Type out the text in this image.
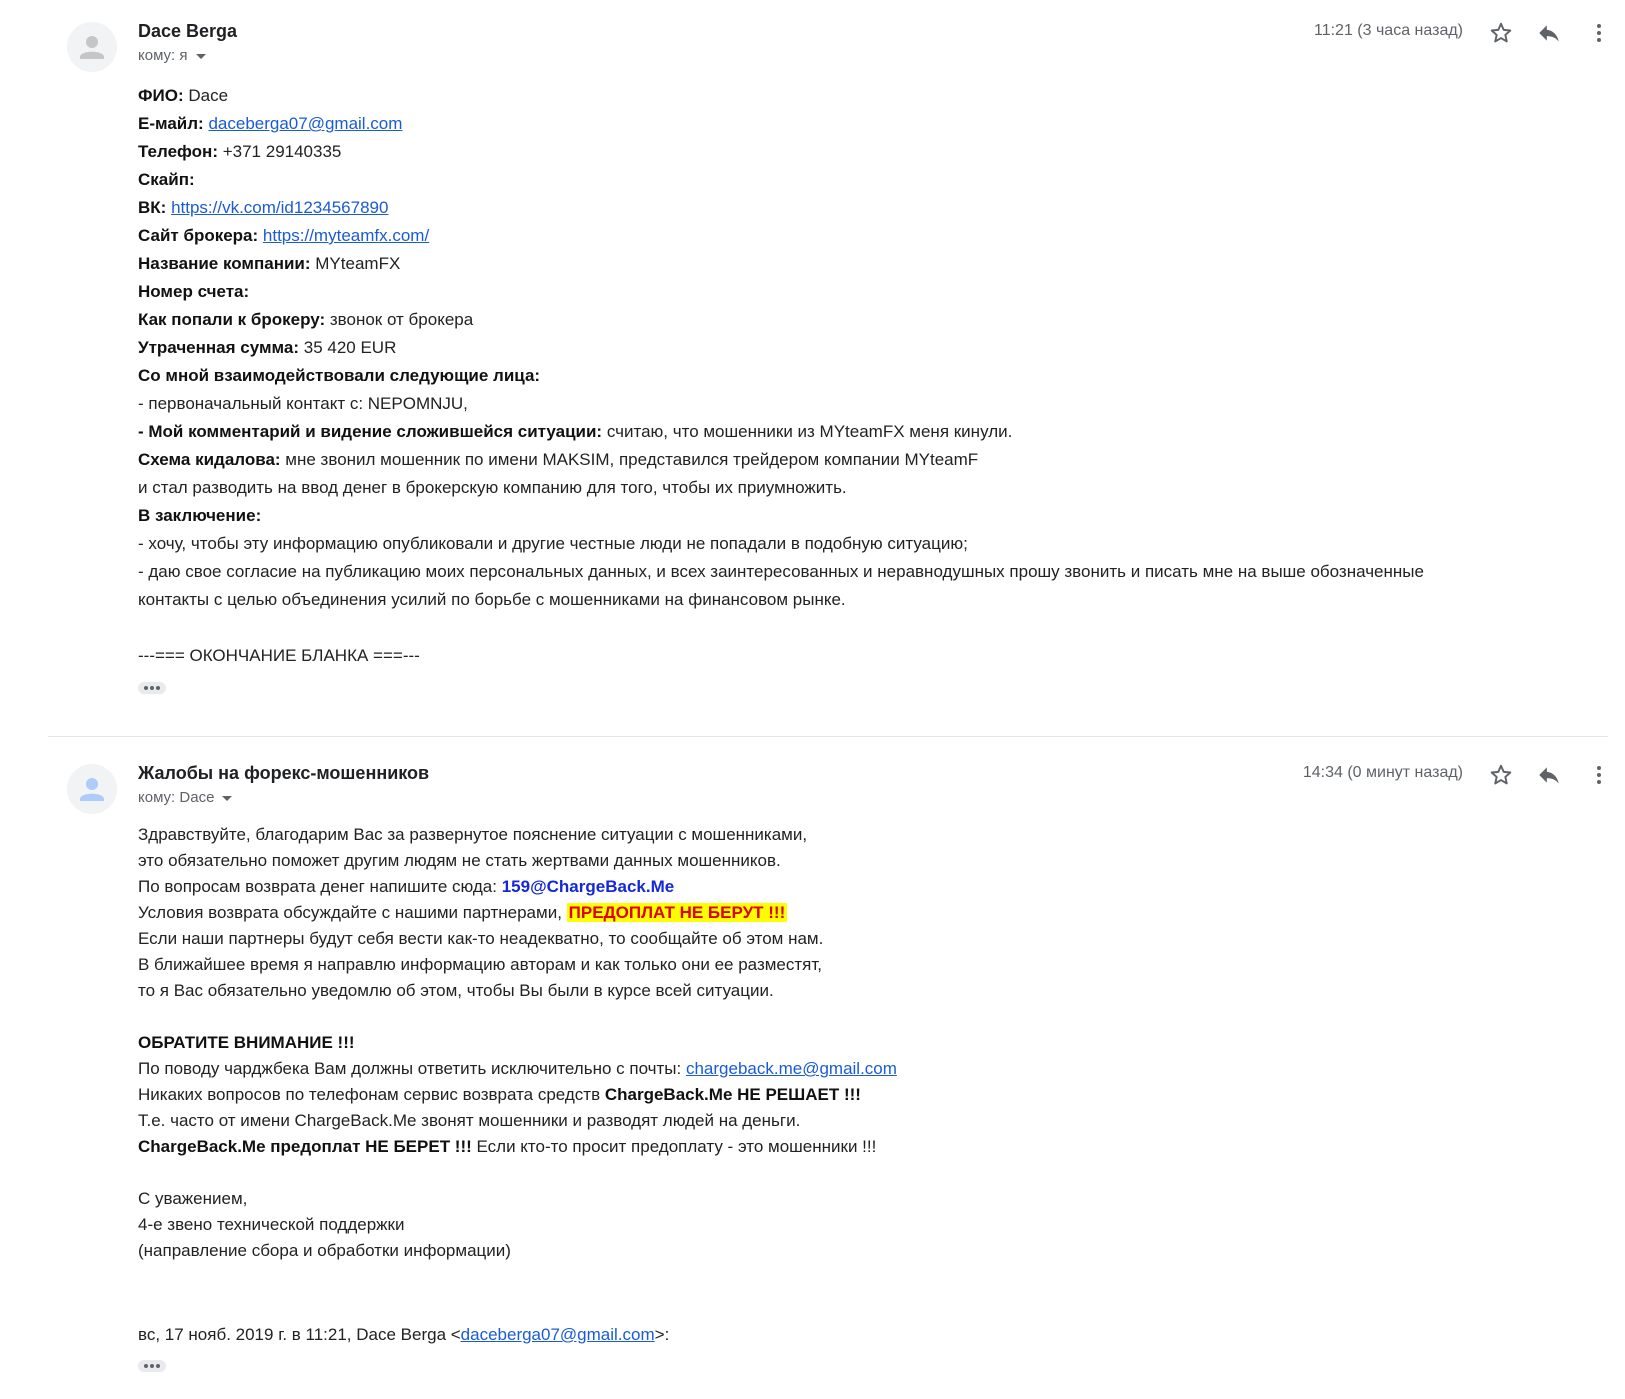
Dace Berga
кому: я
11:21 (3 часа назад)
ФИО: Dace
Е-майл: daceberga07@gmail.com
Телефон: +371 29140335
Скайп:
ВК: https://vk.com/id1234567890
Сайт брокера: https://myteamfx.com/
Название компании: MYteamFX
Номер счета:
Как попали к брокеру: звонок от брокера
Утраченная сумма: 35 420 EUR
Со мной взаимодействовали следующие лица:
- первоначальный контакт с: NEPOMNJU,
- Мой комментарий и видение сложившейся ситуации: считаю, что мошенники из MYteamFX меня кинули.
Схема кидалова: мне звонил мошенник по имени MAKSIM, представился трейдером компании MYteamF
и стал разводить на ввод денег в брокерскую компанию для того, чтобы их приумножить.
В заключение:
- хочу, чтобы эту информацию опубликовали и другие честные люди не попадали в подобную ситуацию;
- даю свое согласие на публикацию моих персональных данных, и всех заинтересованных и неравнодушных прошу звонить и писать мне на выше обозначенные
контакты с целью объединения усилий по борьбе с мошенниками на финансовом рынке.
---=== ОКОНЧАНИЕ БЛАНКА ===---
Жалобы на форекс-мошенников
кому: Dace
14:34 (0 минут назад)
Здравствуйте, благодарим Вас за развернутое пояснение ситуации с мошенниками,
это обязательно поможет другим людям не стать жертвами данных мошенников.
По вопросам возврата денег напишите сюда: 159@ChargeBack.Me
Условия возврата обсуждайте с нашими партнерами, ПРЕДОПЛАТ НЕ БЕРУТ !!!
Если наши партнеры будут себя вести как-то неадекватно, то сообщайте об этом нам.
В ближайшее время я направлю информацию авторам и как только они ее разместят,
то я Вас обязательно уведомлю об этом, чтобы Вы были в курсе всей ситуации.
ОБРАТИТЕ ВНИМАНИЕ !!!
По поводу чарджбека Вам должны ответить исключительно с почты: chargeback.me@gmail.com
Никаких вопросов по телефонам сервис возврата средств ChargeBack.Me НЕ РЕШАЕТ !!!
Т.е. часто от имени ChargeBack.Me звонят мошенники и разводят людей на деньги.
ChargeBack.Me предоплат НЕ БЕРЕТ !!! Если кто-то просит предоплату - это мошенники !!!
С уважением,
4-е звено технической поддержки
(направление сбора и обработки информации)
вс, 17 нояб. 2019 г. в 11:21, Dace Berga <daceberga07@gmail.com>:
